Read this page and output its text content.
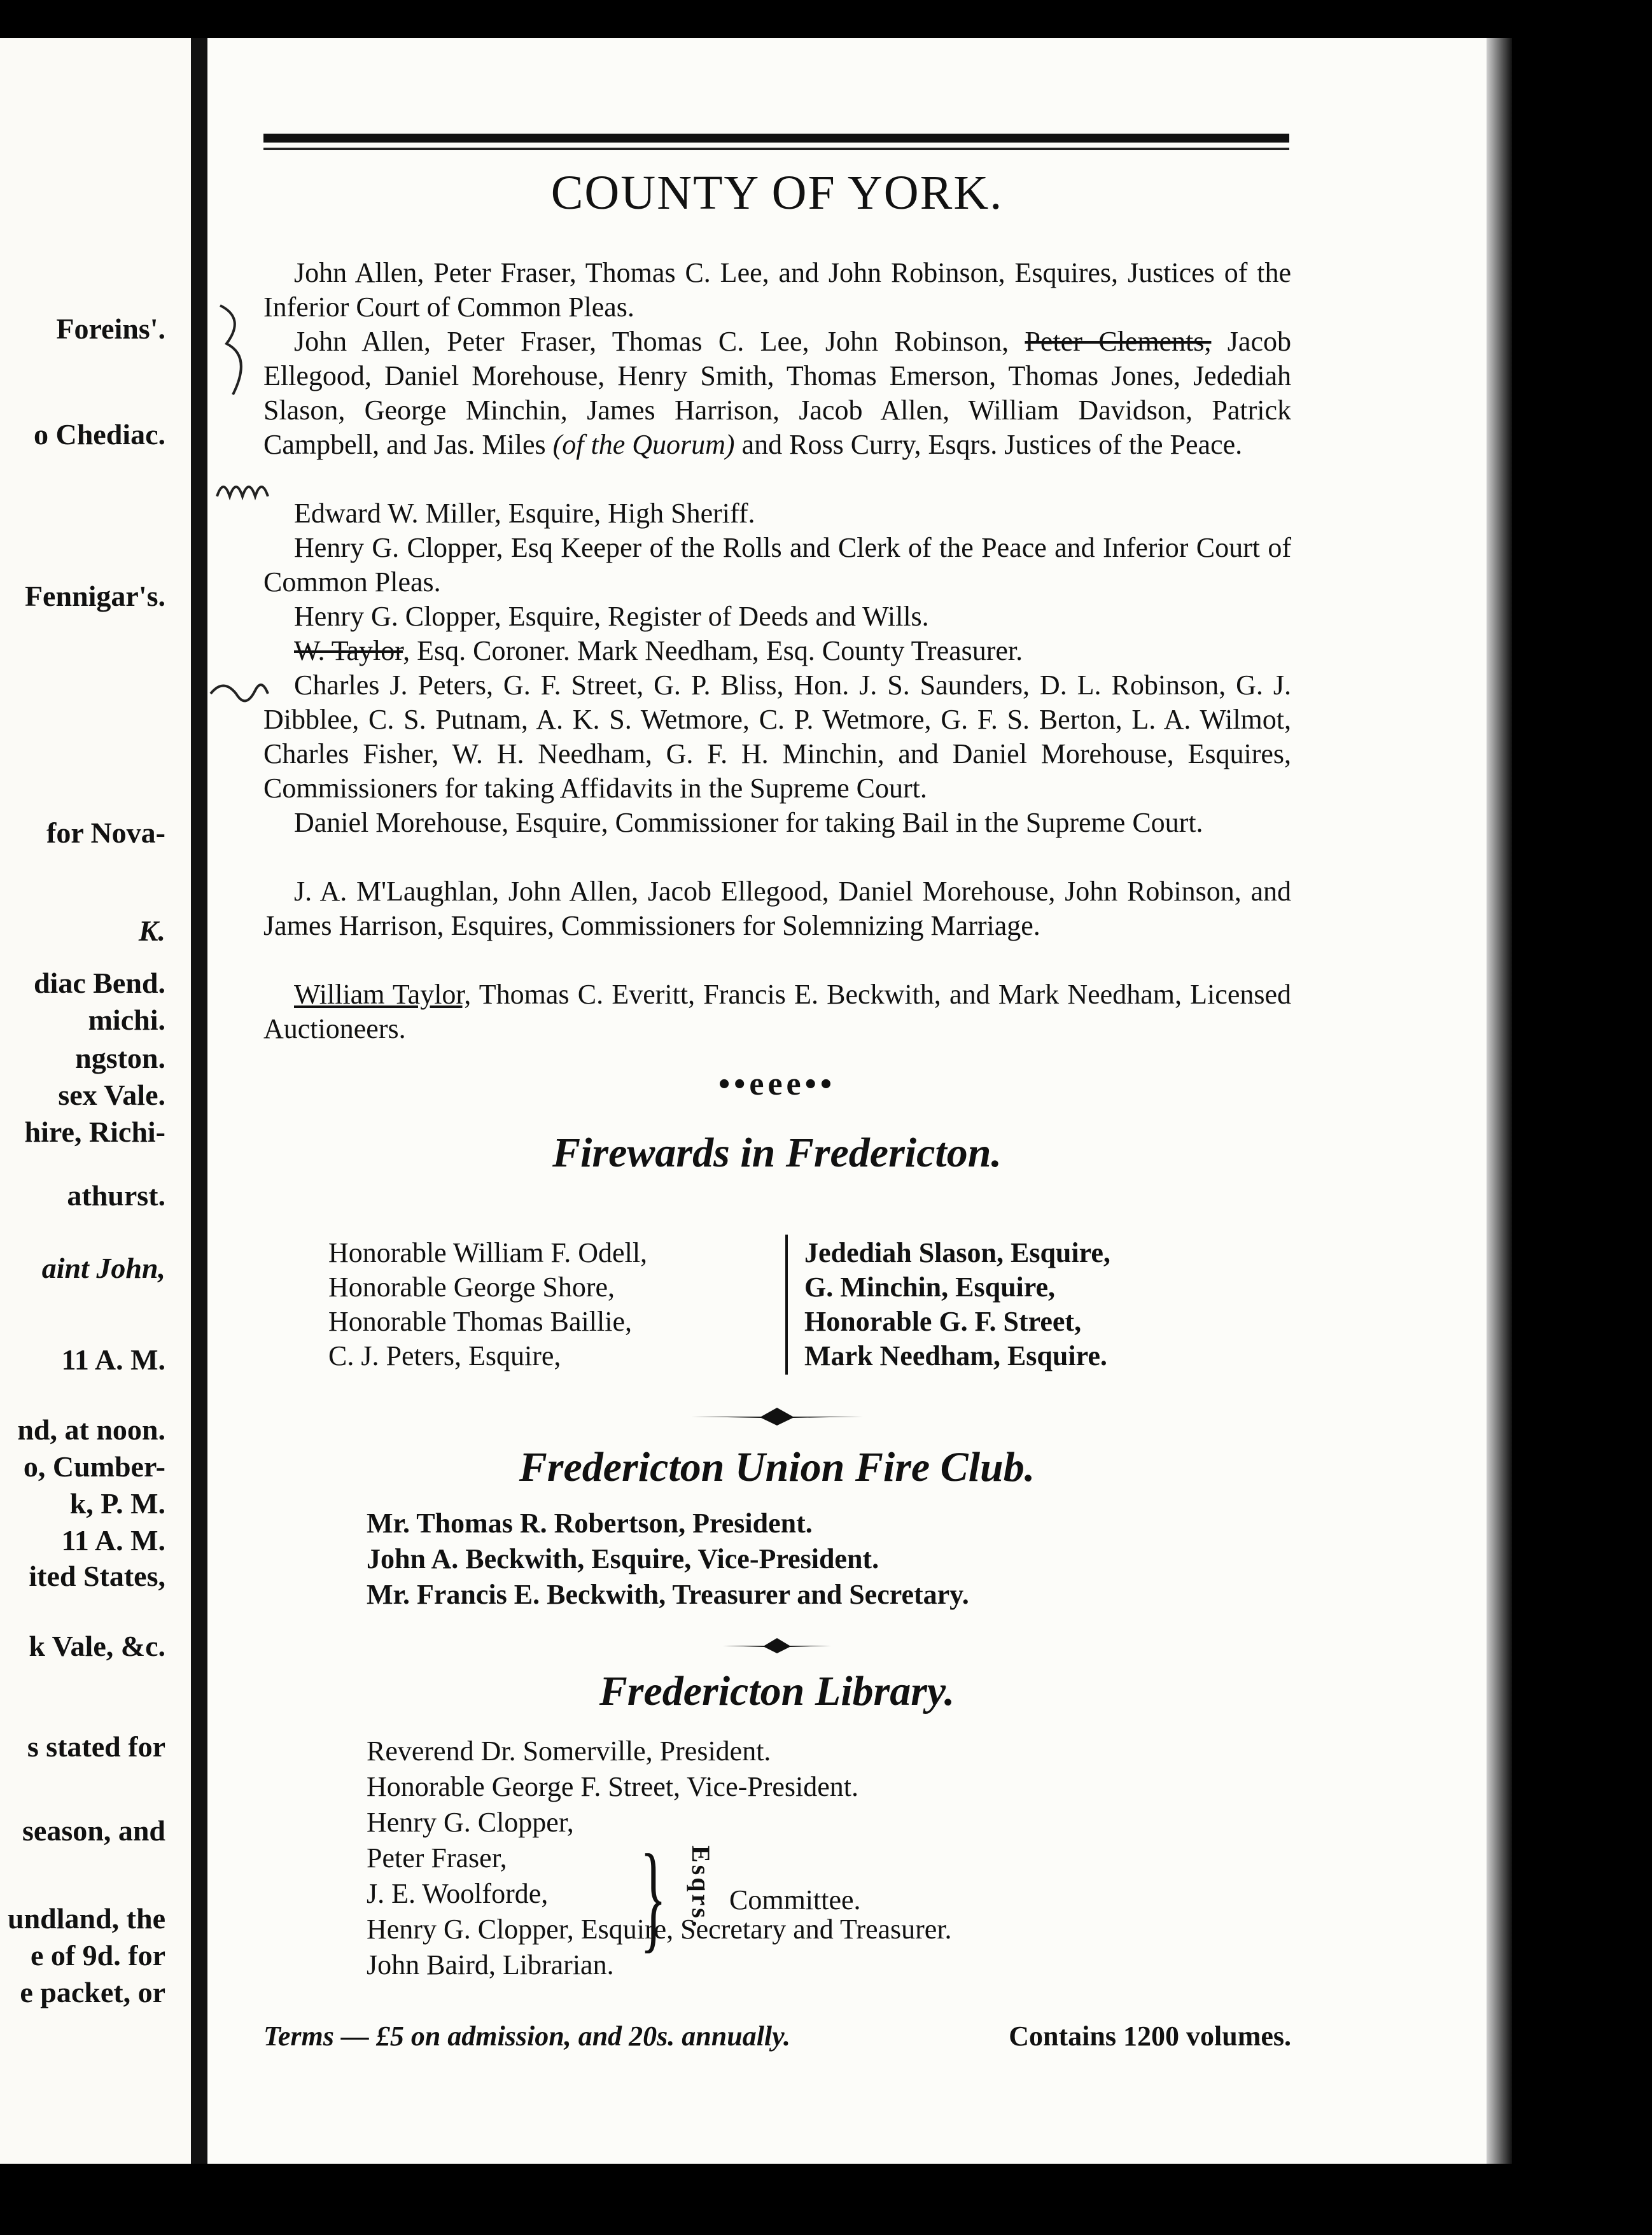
Foreins'.
o Chediac.
Fennigar's.
for Nova-
K.
diac Bend.
michi.
ngston.
sex Vale.
hire, Richi-
athurst.
aint John,
11 A. M.
nd, at noon.
o, Cumber-
k, P. M.
11 A. M.
ited States,
k Vale, &c.
s stated for
season, and
undland, the
e of 9d. for
e packet, or
COUNTY OF YORK.
John Allen, Peter Fraser, Thomas C. Lee, and John Robinson, Esquires, Justices of the Inferior Court of Common Pleas.
John Allen, Peter Fraser, Thomas C. Lee, John Robinson, Peter Clements, Jacob Ellegood, Daniel Morehouse, Henry Smith, Thomas Emerson, Thomas Jones, Jedediah Slason, George Minchin, James Harrison, Jacob Allen, William Davidson, Patrick Campbell, and Jas. Miles (of the Quorum) and Ross Curry, Esqrs. Justices of the Peace.
Edward W. Miller, Esquire, High Sheriff.
Henry G. Clopper, Esq Keeper of the Rolls and Clerk of the Peace and Inferior Court of Common Pleas.
Henry G. Clopper, Esquire, Register of Deeds and Wills.
W. Taylor, Esq. Coroner. Mark Needham, Esq. County Treasurer.
Charles J. Peters, G. F. Street, G. P. Bliss, Hon. J. S. Saunders, D. L. Robinson, G. J. Dibblee, C. S. Putnam, A. K. S. Wetmore, C. P. Wetmore, G. F. S. Berton, L. A. Wilmot, Charles Fisher, W. H. Needham, G. F. H. Minchin, and Daniel Morehouse, Esquires, Commissioners for taking Affidavits in the Supreme Court.
Daniel Morehouse, Esquire, Commissioner for taking Bail in the Supreme Court.
J. A. M'Laughlan, John Allen, Jacob Ellegood, Daniel Morehouse, John Robinson, and James Harrison, Esquires, Commissioners for Solemnizing Marriage.
William Taylor, Thomas C. Everitt, Francis E. Beckwith, and Mark Needham, Licensed Auctioneers.
••eee••
Firewards in Fredericton.
Honorable William F. Odell,
Honorable George Shore,
Honorable Thomas Baillie,
C. J. Peters, Esquire,
Jedediah Slason, Esquire,
G. Minchin, Esquire,
Honorable G. F. Street,
Mark Needham, Esquire.
Fredericton Union Fire Club.
Mr. Thomas R. Robertson, President.
John A. Beckwith, Esquire, Vice-President.
Mr. Francis E. Beckwith, Treasurer and Secretary.
Fredericton Library.
Reverend Dr. Somerville, President.
Honorable George F. Street, Vice-President.
Henry G. Clopper,
Peter Fraser,
J. E. Woolforde, } Esqrs. Committee.
Henry G. Clopper, Esquire, Secretary and Treasurer.
John Baird, Librarian.
Terms — £5 on admission, and 20s. annually.	Contains 1200 volumes.
